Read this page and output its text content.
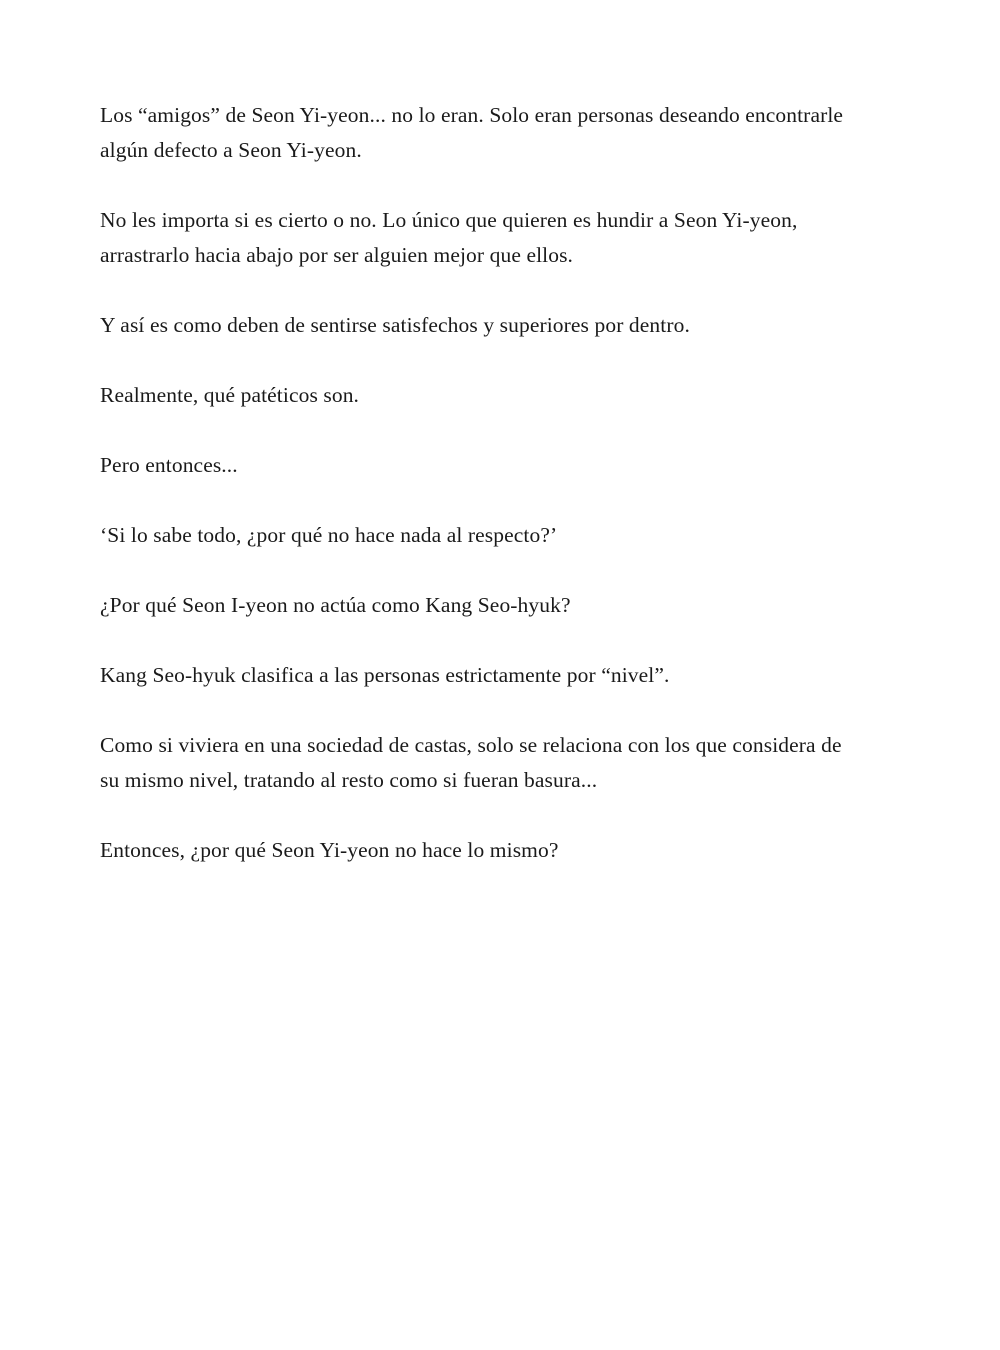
Los “amigos” de Seon Yi-yeon... no lo eran. Solo eran personas deseando encontrarle algún defecto a Seon Yi-yeon.

No les importa si es cierto o no. Lo único que quieren es hundir a Seon Yi-yeon, arrastrarlo hacia abajo por ser alguien mejor que ellos.

Y así es como deben de sentirse satisfechos y superiores por dentro.

Realmente, qué patéticos son.

Pero entonces...

‘Si lo sabe todo, ¿por qué no hace nada al respecto?’

¿Por qué Seon I-yeon no actúa como Kang Seo-hyuk?

Kang Seo-hyuk clasifica a las personas estrictamente por “nivel”.

Como si viviera en una sociedad de castas, solo se relaciona con los que considera de su mismo nivel, tratando al resto como si fueran basura...

Entonces, ¿por qué Seon Yi-yeon no hace lo mismo?
